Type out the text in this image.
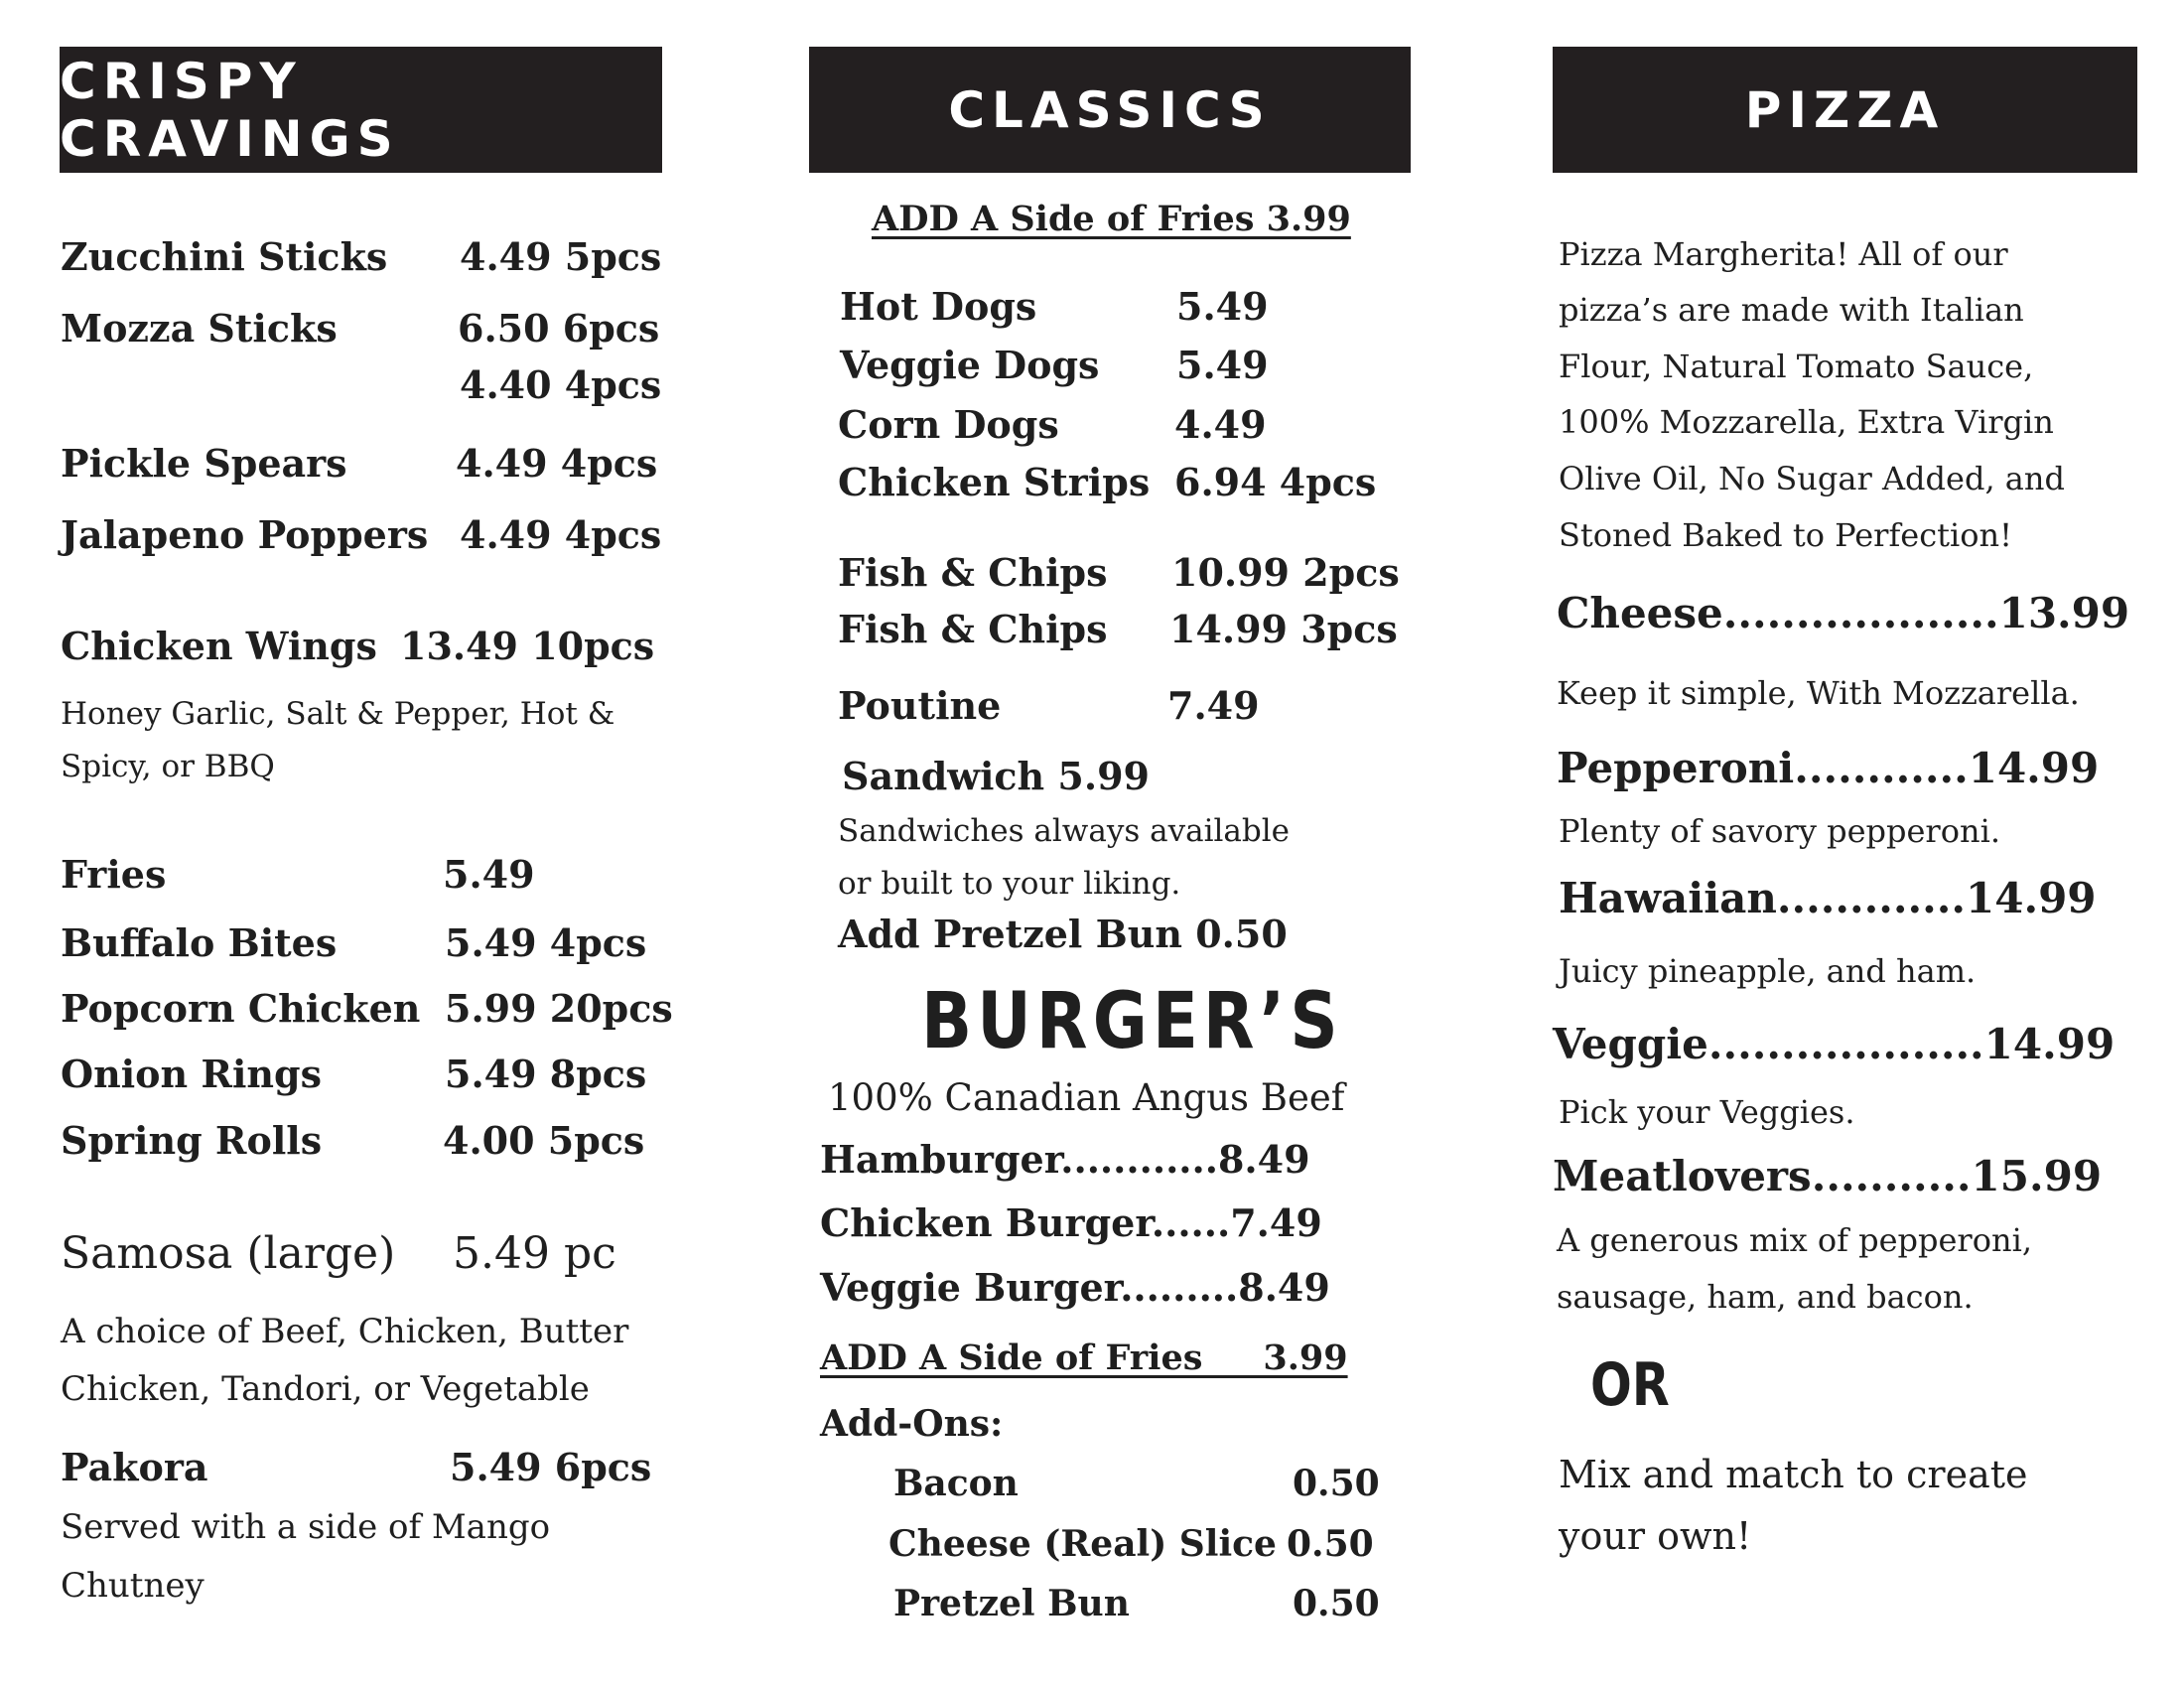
CRISPY CRAVINGS
Zucchini Sticks 4.49 5pcs
Mozza Sticks	6.50 6pcs
4.40 4pcs
Pickle Spears	4.49 4pcs
Jalapeno Poppers 4.49 4pcs
Chicken Wings 13.49 10pcs
Honey Garlic, Salt & Pepper, Hot &
Spicy, or BBQ
Fries	5.49
Buffalo Bites	5.49 4pcs
Popcorn Chicken 5.99 20pcs
Onion Rings	5.49 8pcs
Spring Rolls	4.00 5pcs
Samosa (large) 5.49 pc
A choice of Beef, Chicken, Butter
Chicken, Tandori, or Vegetable
Pakora	5.49 6pcs
Served with a side of Mango
Chutney
CLASSICS
ADD A Side of Fries 3.99
Hot Dogs	5.49
Veggie Dogs 5.49
Corn Dogs	4.49
Chicken Strips 6.94 4pcs
Fish & Chips 10.99 2pcs
Fish & Chips 14.99 3pcs
Poutine	7.49
Sandwich 5.99
Sandwiches always available
or built to your liking.
Add Pretzel Bun 0.50
BURGER’S
100% Canadian Angus Beef
Hamburger............8.49
Chicken Burger......7.49
Veggie Burger.........8.49
ADD A Side of Fries     3.99
Add-Ons:
Bacon	0.50
Cheese (Real) Slice 0.50
Pretzel Bun	0.50
PIZZA
Pizza Margherita! All of our
pizza’s are made with Italian
Flour, Natural Tomato Sauce,
100% Mozzarella, Extra Virgin
Olive Oil, No Sugar Added, and
Stoned Baked to Perfection!
Cheese...................13.99
Keep it simple, With Mozzarella.
Pepperoni............14.99
Plenty of savory pepperoni.
Hawaiian.............14.99
Juicy pineapple, and ham.
Veggie...................14.99
Pick your Veggies.
Meatlovers...........15.99
A generous mix of pepperoni,
sausage, ham, and bacon.
OR
Mix and match to create
your own!
